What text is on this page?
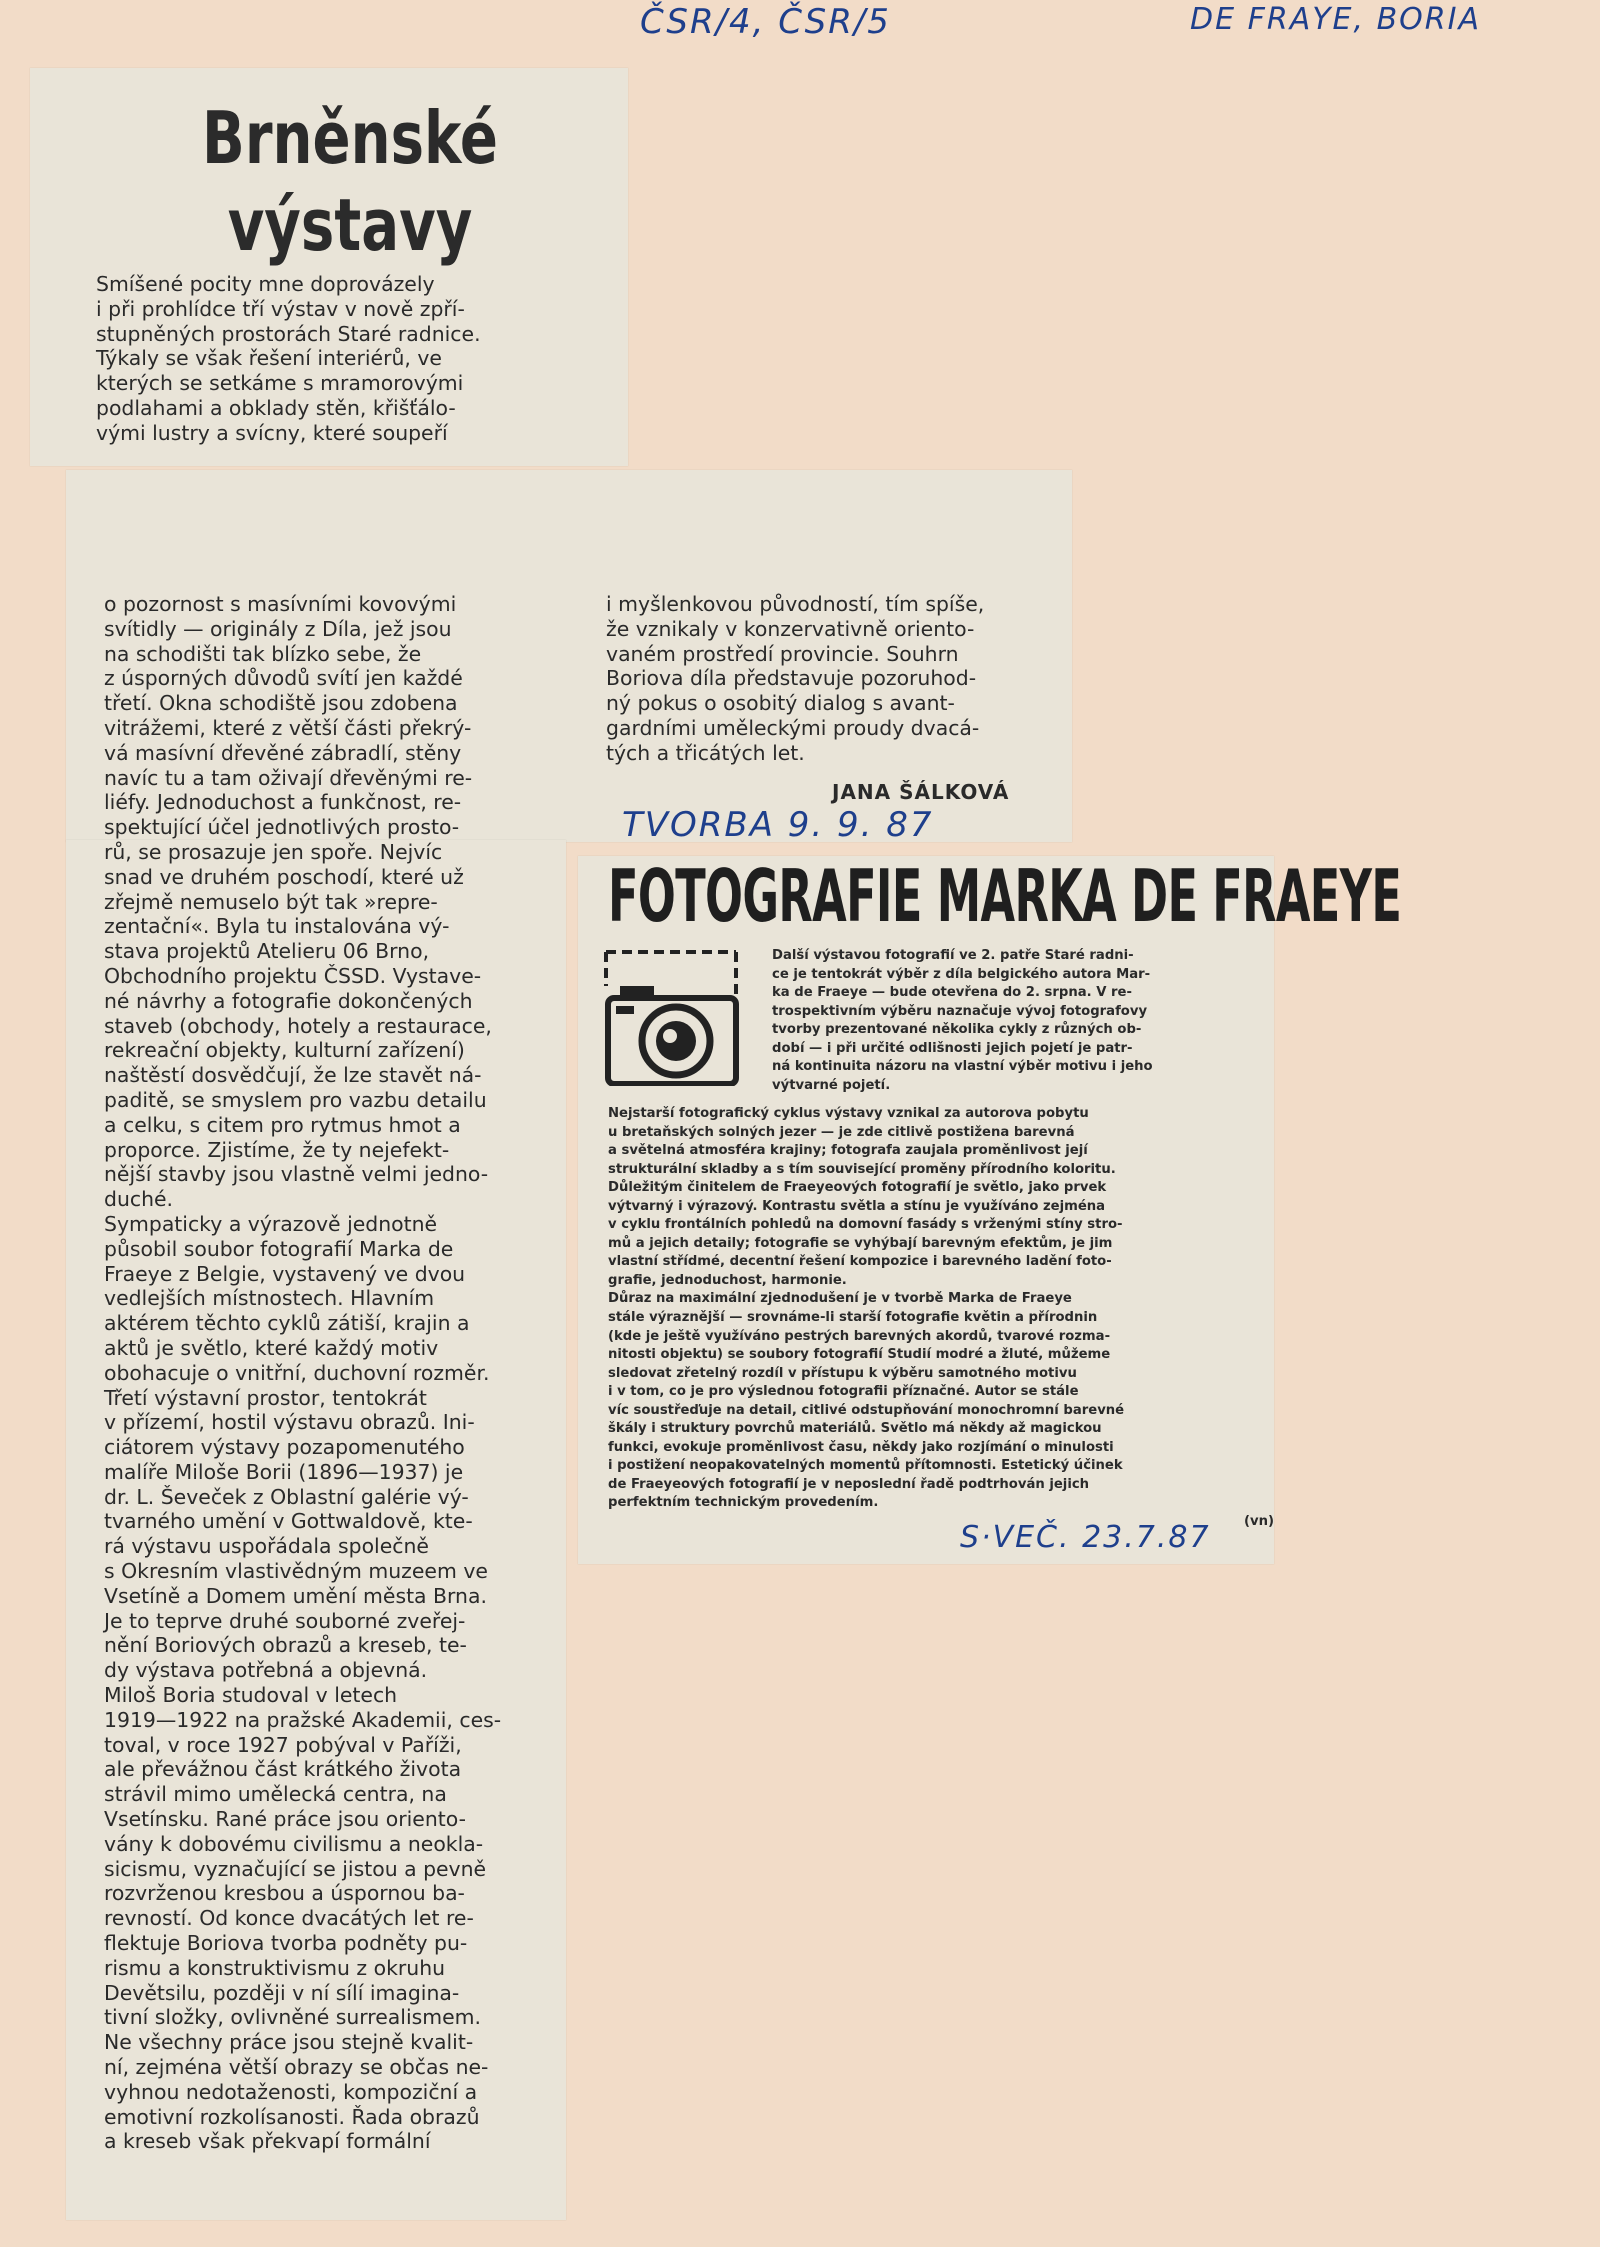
ČSR/4, ČSR/5	DE FRAYE, BORIA
Brněnské
výstavy
Smíšené pocity mne doprovázely
i při prohlídce tří výstav v nově zpří-
stupněných prostorách Staré radnice.
Týkaly se však řešení interiérů, ve
kterých se setkáme s mramorovými
podlahami a obklady stěn, křišťálo-
vými lustry a svícny, které soupeří
o pozornost s masívními kovovými
svítidly — originály z Díla, jež jsou
na schodišti tak blízko sebe, že
z úsporných důvodů svítí jen každé
třetí. Okna schodiště jsou zdobena
vitrážemi, které z větší části překrý-
vá masívní dřevěné zábradlí, stěny
navíc tu a tam oživají dřevěnými re-
liéfy. Jednoduchost a funkčnost, re-
spektující účel jednotlivých prosto-
rů, se prosazuje jen spoře. Nejvíc
snad ve druhém poschodí, které už
zřejmě nemuselo být tak »repre-
zentační«. Byla tu instalována vý-
stava projektů Atelieru 06 Brno,
Obchodního projektu ČSSD. Vystave-
né návrhy a fotografie dokončených
staveb (obchody, hotely a restaurace,
rekreační objekty, kulturní zařízení)
naštěstí dosvědčují, že lze stavět ná-
paditě, se smyslem pro vazbu detailu
a celku, s citem pro rytmus hmot a
proporce. Zjistíme, že ty nejefekt-
nější stavby jsou vlastně velmi jedno-
duché.
Sympaticky a výrazově jednotně
působil soubor fotografií Marka de
Fraeye z Belgie, vystavený ve dvou
vedlejších místnostech. Hlavním
aktérem těchto cyklů zátiší, krajin a
aktů je světlo, které každý motiv
obohacuje o vnitřní, duchovní rozměr.
Třetí výstavní prostor, tentokrát
v přízemí, hostil výstavu obrazů. Ini-
ciátorem výstavy pozapomenutého
malíře Miloše Borii (1896—1937) je
dr. L. Ševeček z Oblastní galérie vý-
tvarného umění v Gottwaldově, kte-
rá výstavu uspořádala společně
s Okresním vlastivědným muzeem ve
Vsetíně a Domem umění města Brna.
Je to teprve druhé souborné zveřej-
nění Boriových obrazů a kreseb, te-
dy výstava potřebná a objevná.
Miloš Boria studoval v letech
1919—1922 na pražské Akademii, ces-
toval, v roce 1927 pobýval v Paříži,
ale převážnou část krátkého života
strávil mimo umělecká centra, na
Vsetínsku. Rané práce jsou oriento-
vány k dobovému civilismu a neokla-
sicismu, vyznačující se jistou a pevně
rozvrženou kresbou a úspornou ba-
revností. Od konce dvacátých let re-
flektuje Boriova tvorba podněty pu-
rismu a konstruktivismu z okruhu
Devětsilu, později v ní sílí imagina-
tivní složky, ovlivněné surrealismem.
Ne všechny práce jsou stejně kvalit-
ní, zejména větší obrazy se občas ne-
vyhnou nedotaženosti, kompoziční a
emotivní rozkolísanosti. Řada obrazů
a kreseb však překvapí formální
i myšlenkovou původností, tím spíše,
že vznikaly v konzervativně oriento-
vaném prostředí provincie. Souhrn
Boriova díla představuje pozoruhod-
ný pokus o osobitý dialog s avant-
gardními uměleckými proudy dvacá-
tých a třicátých let.
JANA ŠÁLKOVÁ
TVORBA 9. 9. 87
FOTOGRAFIE MARKA DE FRAEYE
Další výstavou fotografií ve 2. patře Staré radni-
ce je tentokrát výběr z díla belgického autora Mar-
ka de Fraeye — bude otevřena do 2. srpna. V re-
trospektivním výběru naznačuje vývoj fotografovy
tvorby prezentované několika cykly z různých ob-
dobí — i při určité odlišnosti jejich pojetí je patr-
ná kontinuita názoru na vlastní výběr motivu i jeho
výtvarné pojetí.
Nejstarší fotografický cyklus výstavy vznikal za autorova pobytu
u bretaňských solných jezer — je zde citlivě postižena barevná
a světelná atmosféra krajiny; fotografa zaujala proměnlivost její
strukturální skladby a s tím související proměny přírodního koloritu.
Důležitým činitelem de Fraeyeových fotografií je světlo, jako prvek
výtvarný i výrazový. Kontrastu světla a stínu je využíváno zejména
v cyklu frontálních pohledů na domovní fasády s vrženými stíny stro-
mů a jejich detaily; fotografie se vyhýbají barevným efektům, je jim
vlastní střídmé, decentní řešení kompozice i barevného ladění foto-
grafie, jednoduchost, harmonie.
Důraz na maximální zjednodušení je v tvorbě Marka de Fraeye
stále výraznější — srovnáme-li starší fotografie květin a přírodnin
(kde je ještě využíváno pestrých barevných akordů, tvarové rozma-
nitosti objektu) se soubory fotografií Studií modré a žluté, můžeme
sledovat zřetelný rozdíl v přístupu k výběru samotného motivu
i v tom, co je pro výslednou fotografii příznačné. Autor se stále
víc soustřeďuje na detail, citlivé odstupňování monochromní barevné
škály i struktury povrchů materiálů. Světlo má někdy až magickou
funkci, evokuje proměnlivost času, někdy jako rozjímání o minulosti
i postižení neopakovatelných momentů přítomnosti. Estetický účinek
de Fraeyeových fotografií je v neposlední řadě podtrhován jejich
perfektním technickým provedením.
(vn)
S·VEČ. 23.7.87
